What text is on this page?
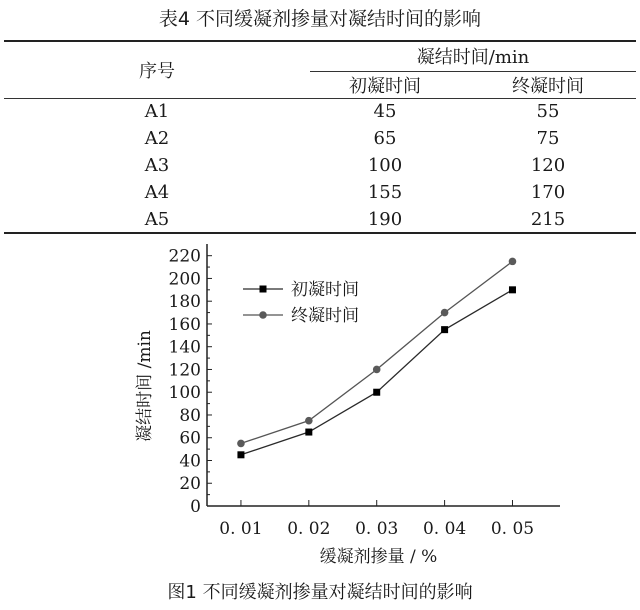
表4 不同缓凝剂掺量对凝结时间的影响
序号	凝结时间/min	
	初凝时间	终凝时间
A1	45	55
A2	65	75
A3	100	120
A4	155	170
A5	190	215
0
20
40
60
80
100
120
140
160
180
200
220
0. 01 0. 02 0. 03 0. 04 0. 05
缓凝剂掺量 / %
凝结时间 /min
初凝时间
终凝时间
图1 不同缓凝剂掺量对凝结时间的影响
